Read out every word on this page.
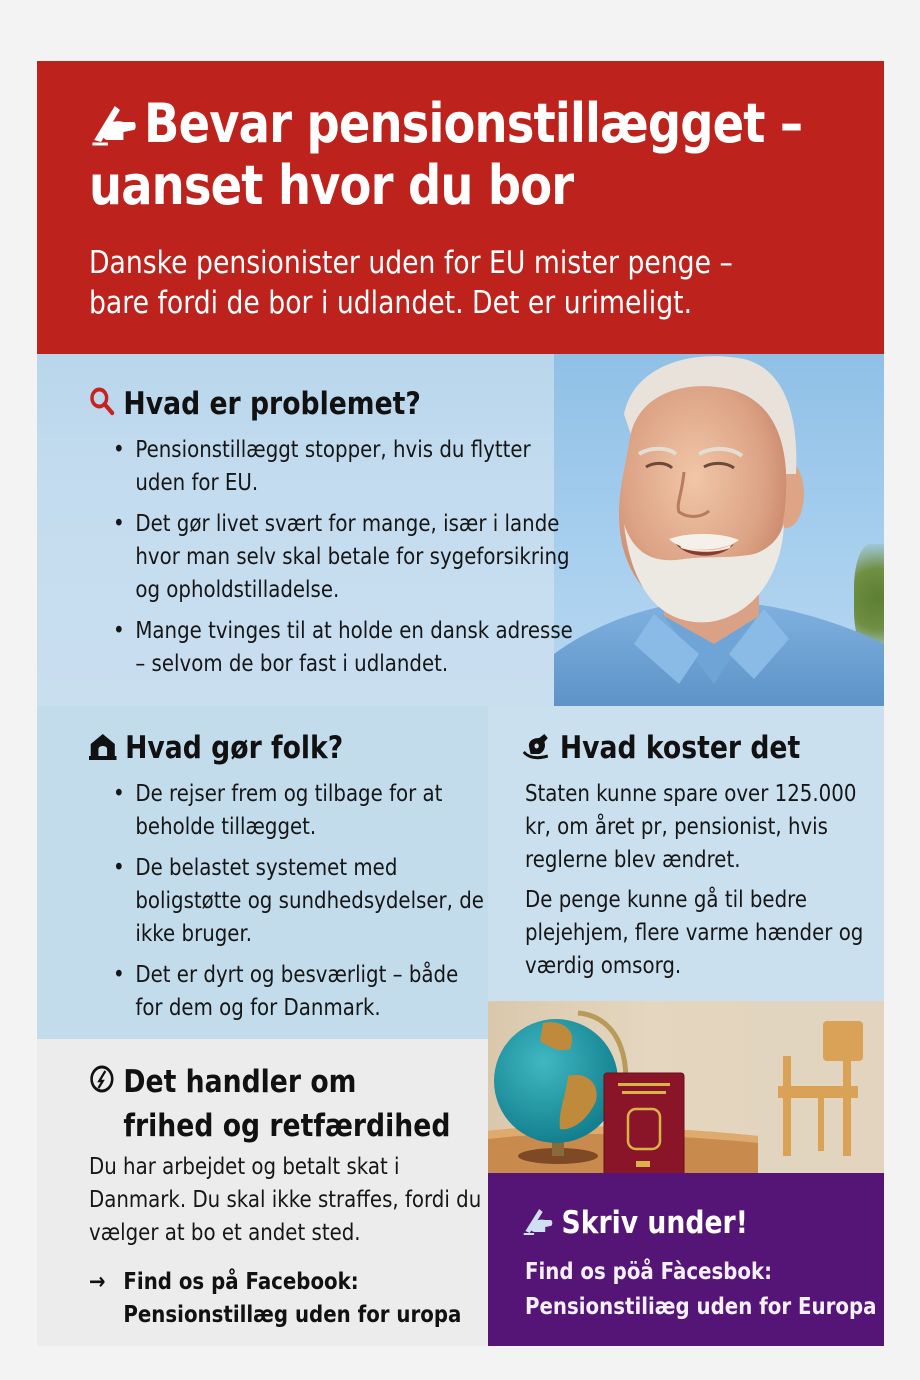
Bevar pensionstillægget –
uanset hvor du bor
Danske pensionister uden for EU mister penge –
bare fordi de bor i udlandet. Det er urimeligt.
Hvad er problemet?
• Pensionstillæggt stopper, hvis du flytter uden for EU.
• Det gør livet svært for mange, især i lande hvor man selv skal betale for sygeforsikring og opholdstilladelse.
• Mange tvinges til at holde en dansk adresse – selvom de bor fast i udlandet.
Hvad gør folk?
• De rejser frem og tilbage for at beholde tillægget.
• De belastet systemet med boligstøtte og sundhedsydelser, de ikke bruger.
• Det er dyrt og besværligt – både for dem og for Danmark.
Hvad koster det
Staten kunne spare over 125.000 kr, om året pr, pensionist, hvis reglerne blev ændret.
De penge kunne gå til bedre plejehjem, flere varme hænder og værdig omsorg.
Det handler om
frihed og retfærdihed
Du har arbejdet og betalt skat i Danmark. Du skal ikke straffes, fordi du vælger at bo et andet sted.
→ Find os på Facebook:
Pensionstillæg uden for uropa
Skriv under!
Find os pöå Fàcesbok:
Pensionstiliæg uden for Europa
